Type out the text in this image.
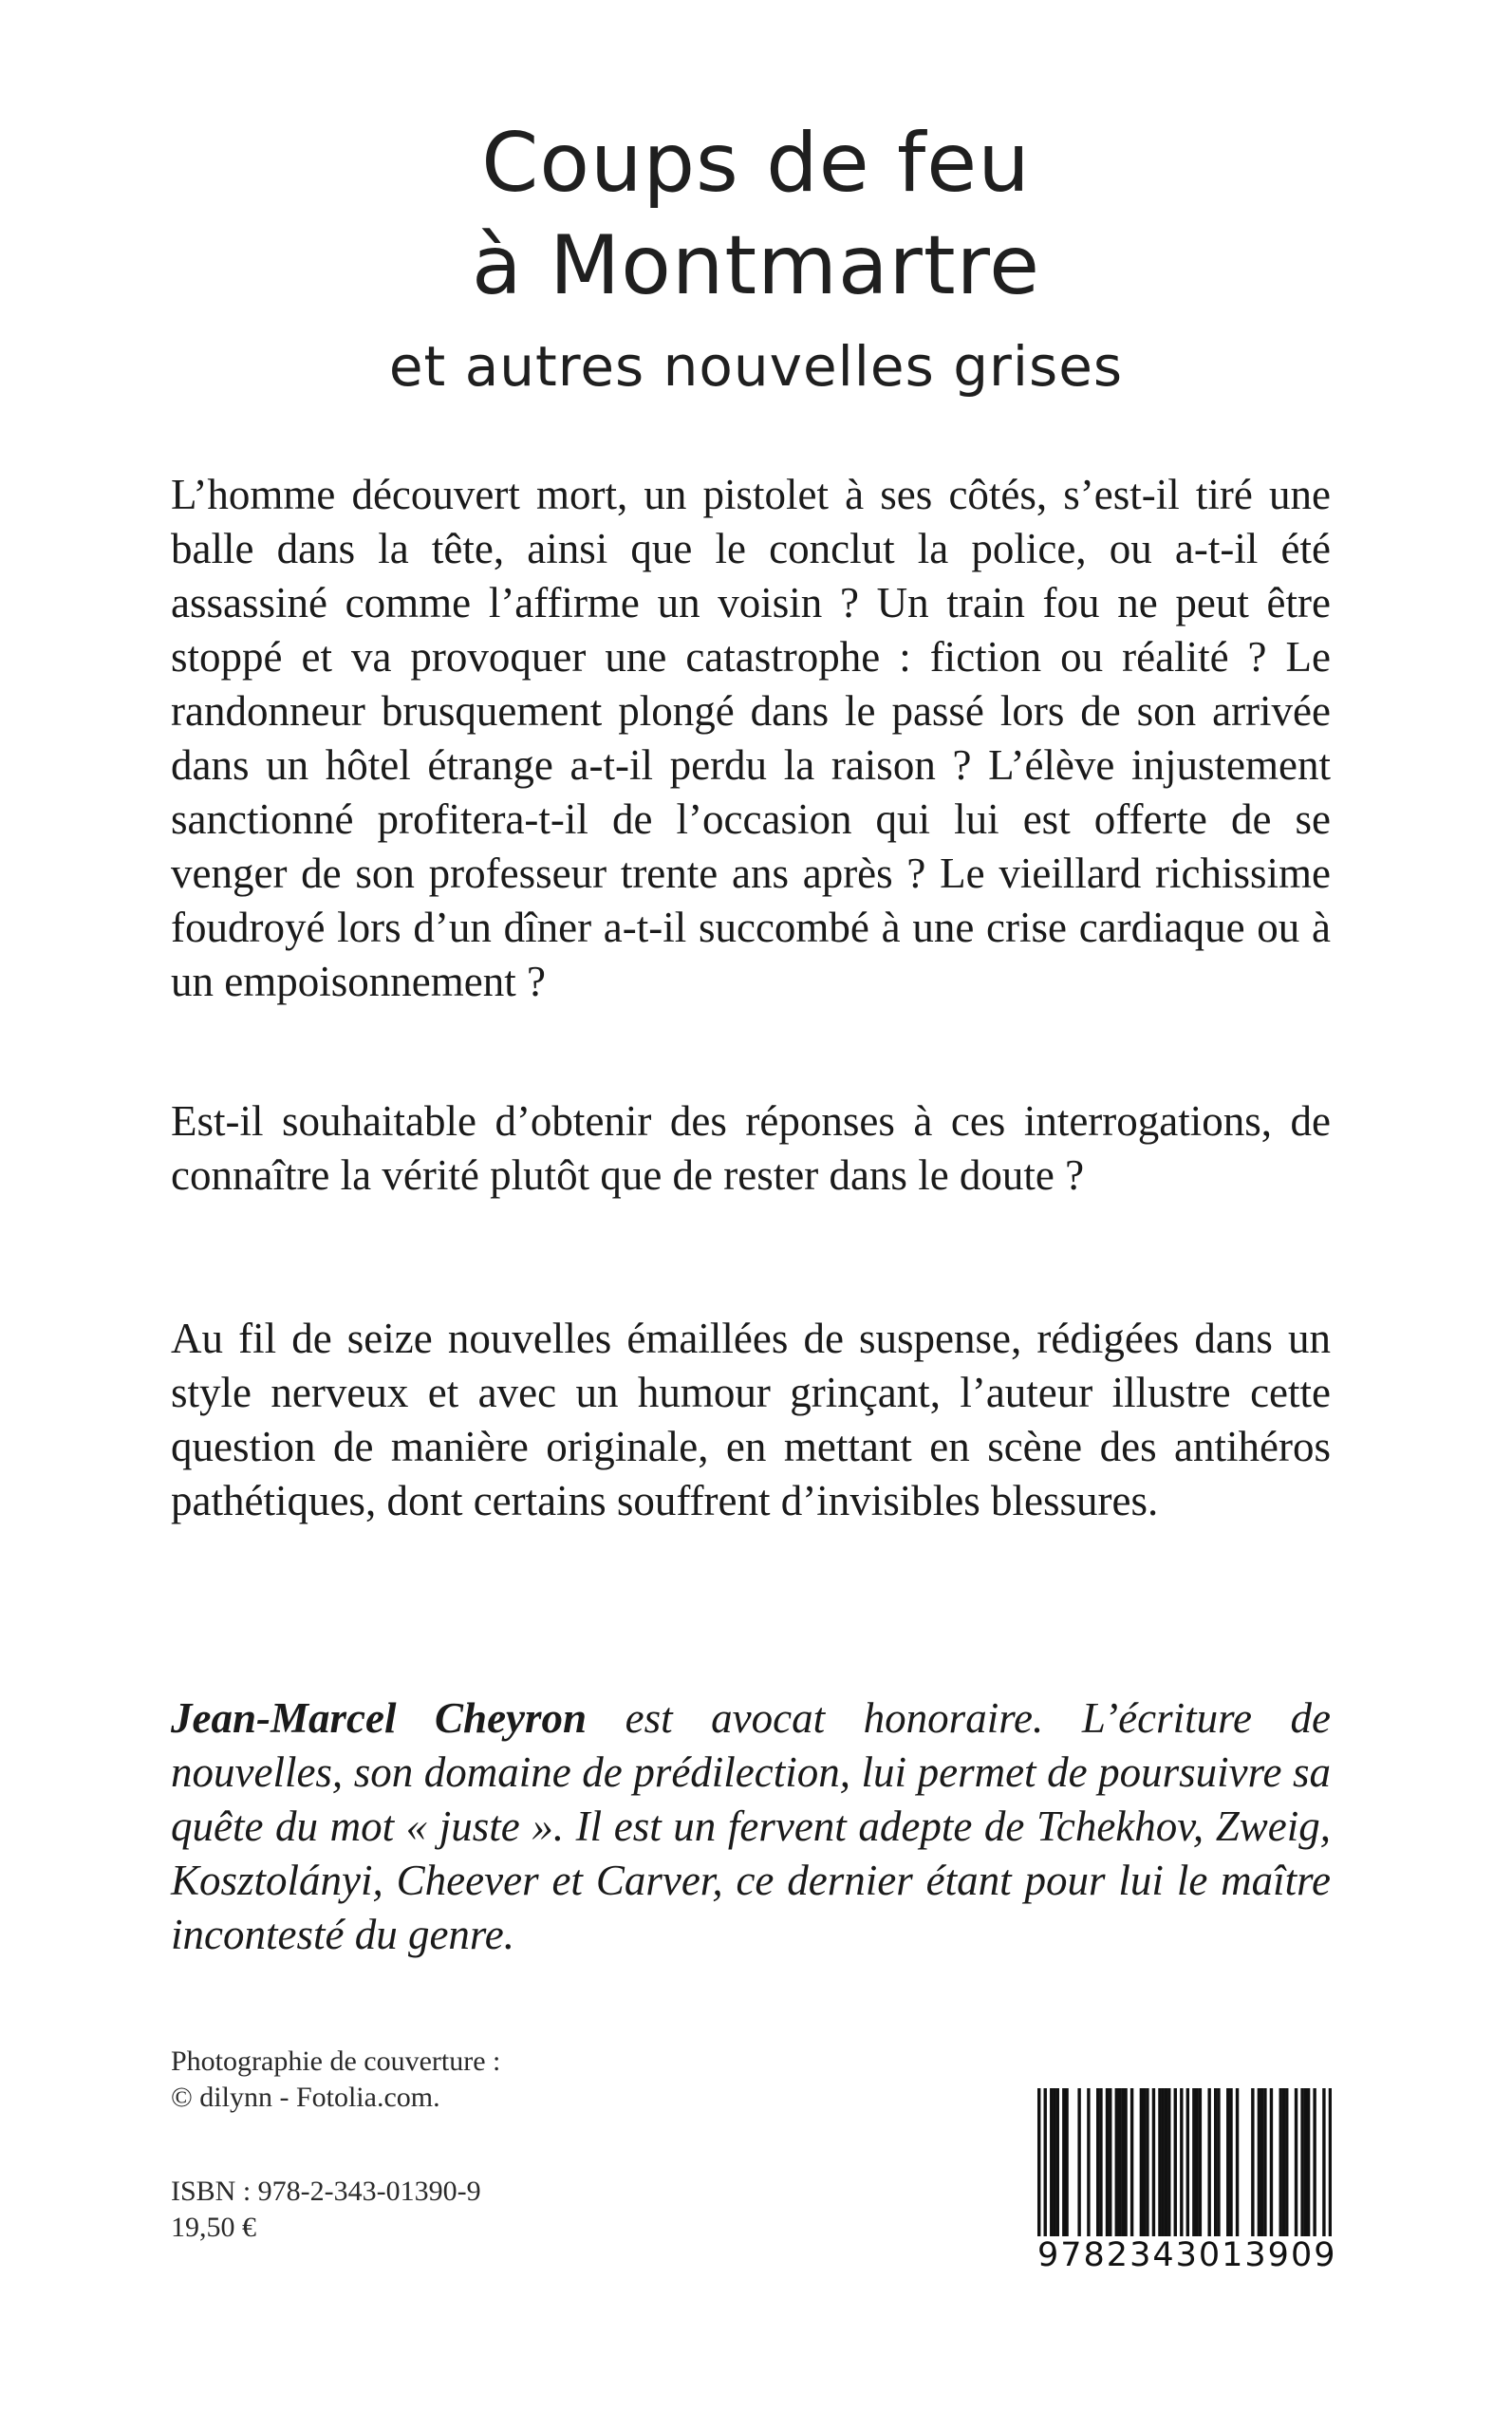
Coups de feu
à Montmartre
et autres nouvelles grises

L’homme découvert mort, un pistolet à ses côtés, s’est-il tiré une balle dans la tête, ainsi que le conclut la police, ou a-t-il été assassiné comme l’affirme un voisin ? Un train fou ne peut être stoppé et va provoquer une catastrophe : fiction ou réalité ? Le randonneur brusquement plongé dans le passé lors de son arrivée dans un hôtel étrange a-t-il perdu la raison ? L’élève injustement sanctionné profitera-t-il de l’occasion qui lui est offerte de se venger de son professeur trente ans après ? Le vieillard richissime foudroyé lors d’un dîner a-t-il succombé à une crise cardiaque ou à un empoisonnement ?

Est-il souhaitable d’obtenir des réponses à ces interrogations, de connaître la vérité plutôt que de rester dans le doute ?

Au fil de seize nouvelles émaillées de suspense, rédigées dans un style nerveux et avec un humour grinçant, l’auteur illustre cette question de manière originale, en mettant en scène des antihéros pathétiques, dont certains souffrent d’invisibles blessures.

Jean-Marcel Cheyron est avocat honoraire. L’écriture de nouvelles, son domaine de prédilection, lui permet de poursuivre sa quête du mot « juste ». Il est un fervent adepte de Tchekhov, Zweig, Kosztolányi, Cheever et Carver, ce dernier étant pour lui le maître incontesté du genre.

Photographie de couverture :
© dilynn - Fotolia.com.
ISBN : 978-2-343-01390-9
19,50 €
9782343013909
